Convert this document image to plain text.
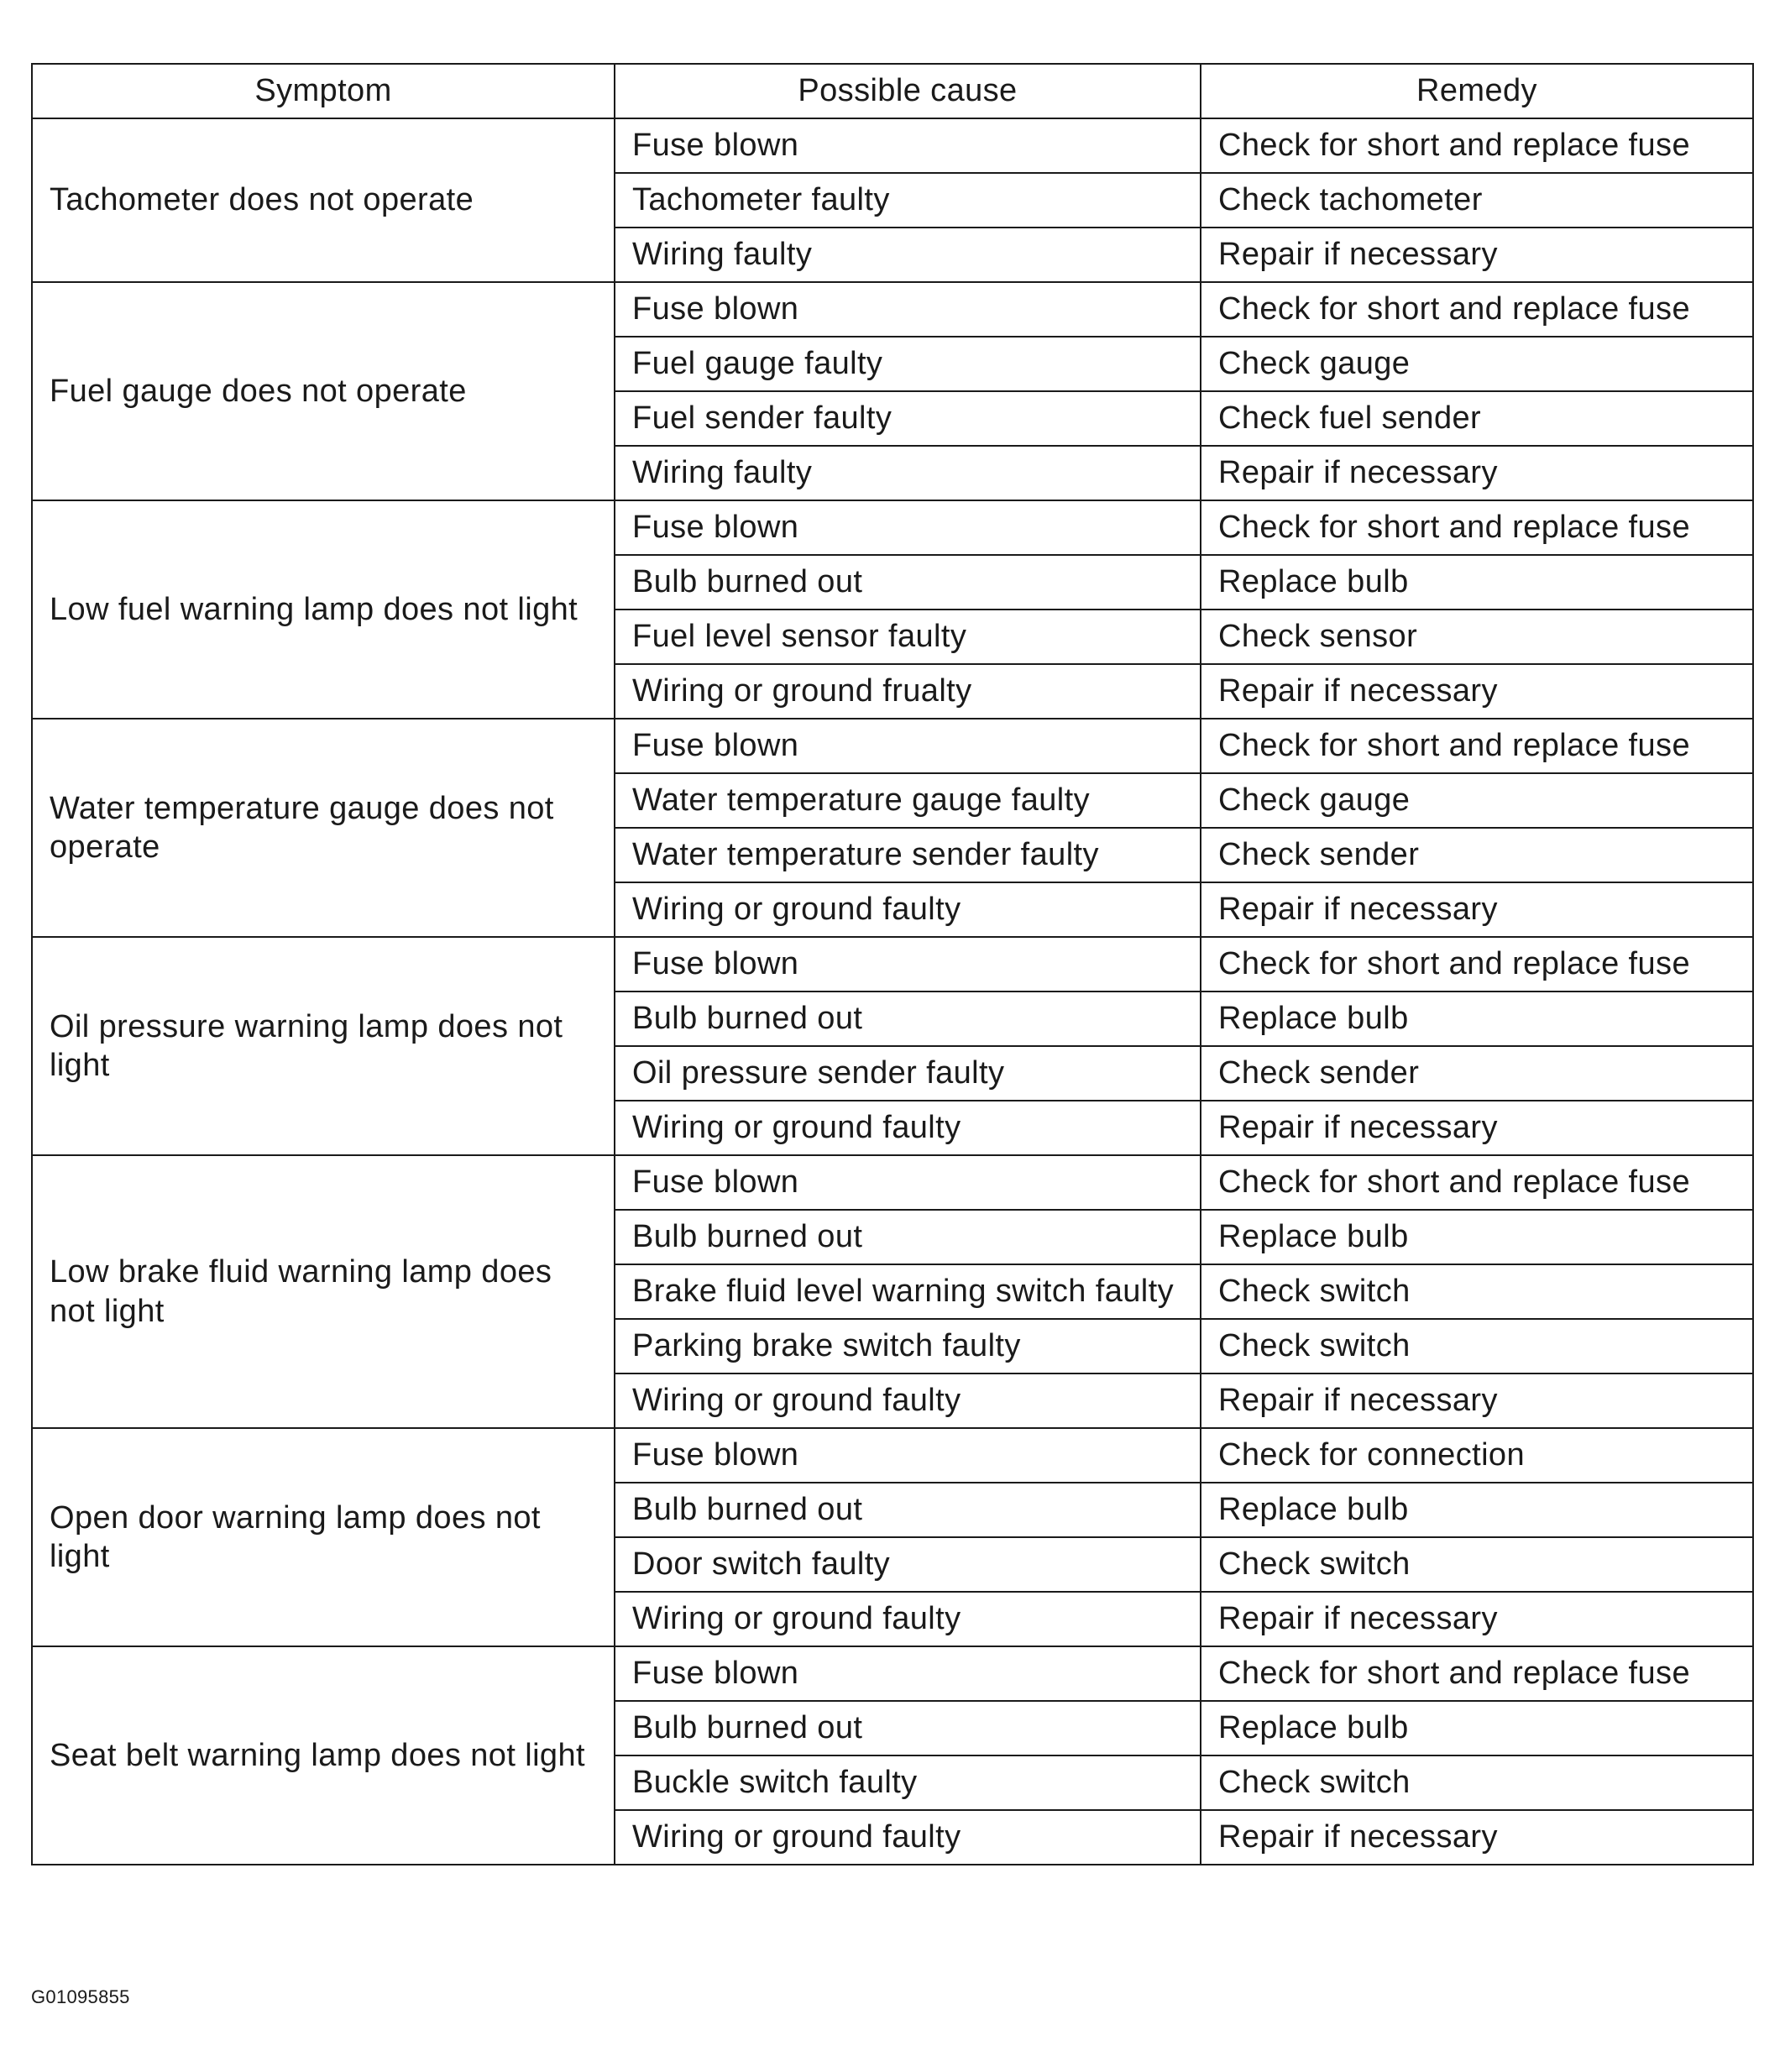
Symptom	Possible cause	Remedy
Tachometer does not operate	Fuse blown	Check for short and replace fuse
	Tachometer faulty	Check tachometer
	Wiring faulty	Repair if necessary
Fuel gauge does not operate	Fuse blown	Check for short and replace fuse
	Fuel gauge faulty	Check gauge
	Fuel sender faulty	Check fuel sender
	Wiring faulty	Repair if necessary
Low fuel warning lamp does not light	Fuse blown	Check for short and replace fuse
	Bulb burned out	Replace bulb
	Fuel level sensor faulty	Check sensor
	Wiring or ground frualty	Repair if necessary
Water temperature gauge does not operate	Fuse blown	Check for short and replace fuse
	Water temperature gauge faulty	Check gauge
	Water temperature sender faulty	Check sender
	Wiring or ground faulty	Repair if necessary
Oil pressure warning lamp does not light	Fuse blown	Check for short and replace fuse
	Bulb burned out	Replace bulb
	Oil pressure sender faulty	Check sender
	Wiring or ground faulty	Repair if necessary
Low brake fluid warning lamp does not light	Fuse blown	Check for short and replace fuse
	Bulb burned out	Replace bulb
	Brake fluid level warning switch faulty	Check switch
	Parking brake switch faulty	Check switch
	Wiring or ground faulty	Repair if necessary
Open door warning lamp does not light	Fuse blown	Check for connection
	Bulb burned out	Replace bulb
	Door switch faulty	Check switch
	Wiring or ground faulty	Repair if necessary
Seat belt warning lamp does not light	Fuse blown	Check for short and replace fuse
	Bulb burned out	Replace bulb
	Buckle switch faulty	Check switch
	Wiring or ground faulty	Repair if necessary
G01095855
